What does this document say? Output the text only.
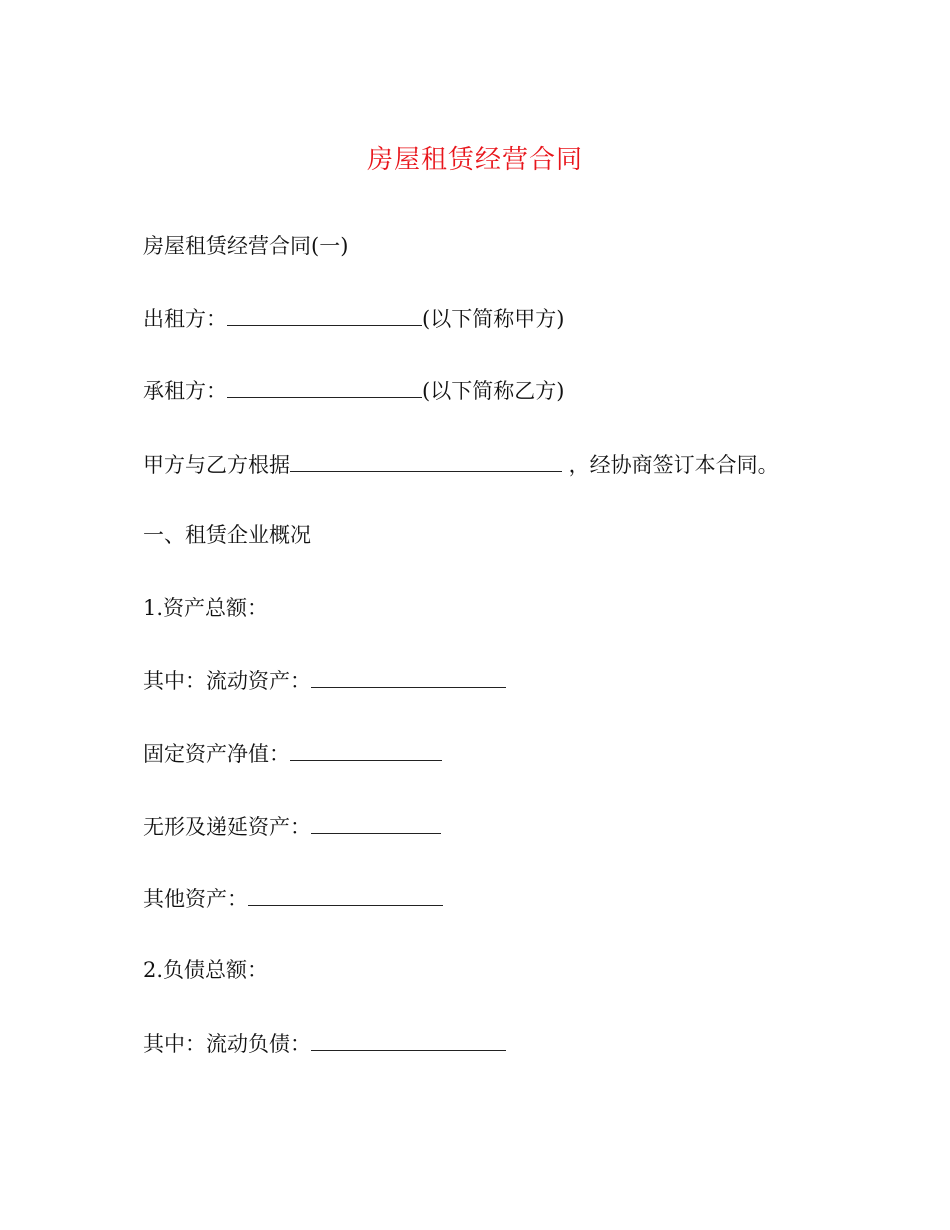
房屋租赁经营合同
房屋租赁经营合同(一)
出租方：	(以下简称甲方)
承租方：	(以下简称乙方)
甲方与乙方根据	，经协商签订本合同。
一、租赁企业概况
1.资产总额：
其中：流动资产：
固定资产净值：
无形及递延资产：
其他资产：
2.负债总额：
其中：流动负债：
